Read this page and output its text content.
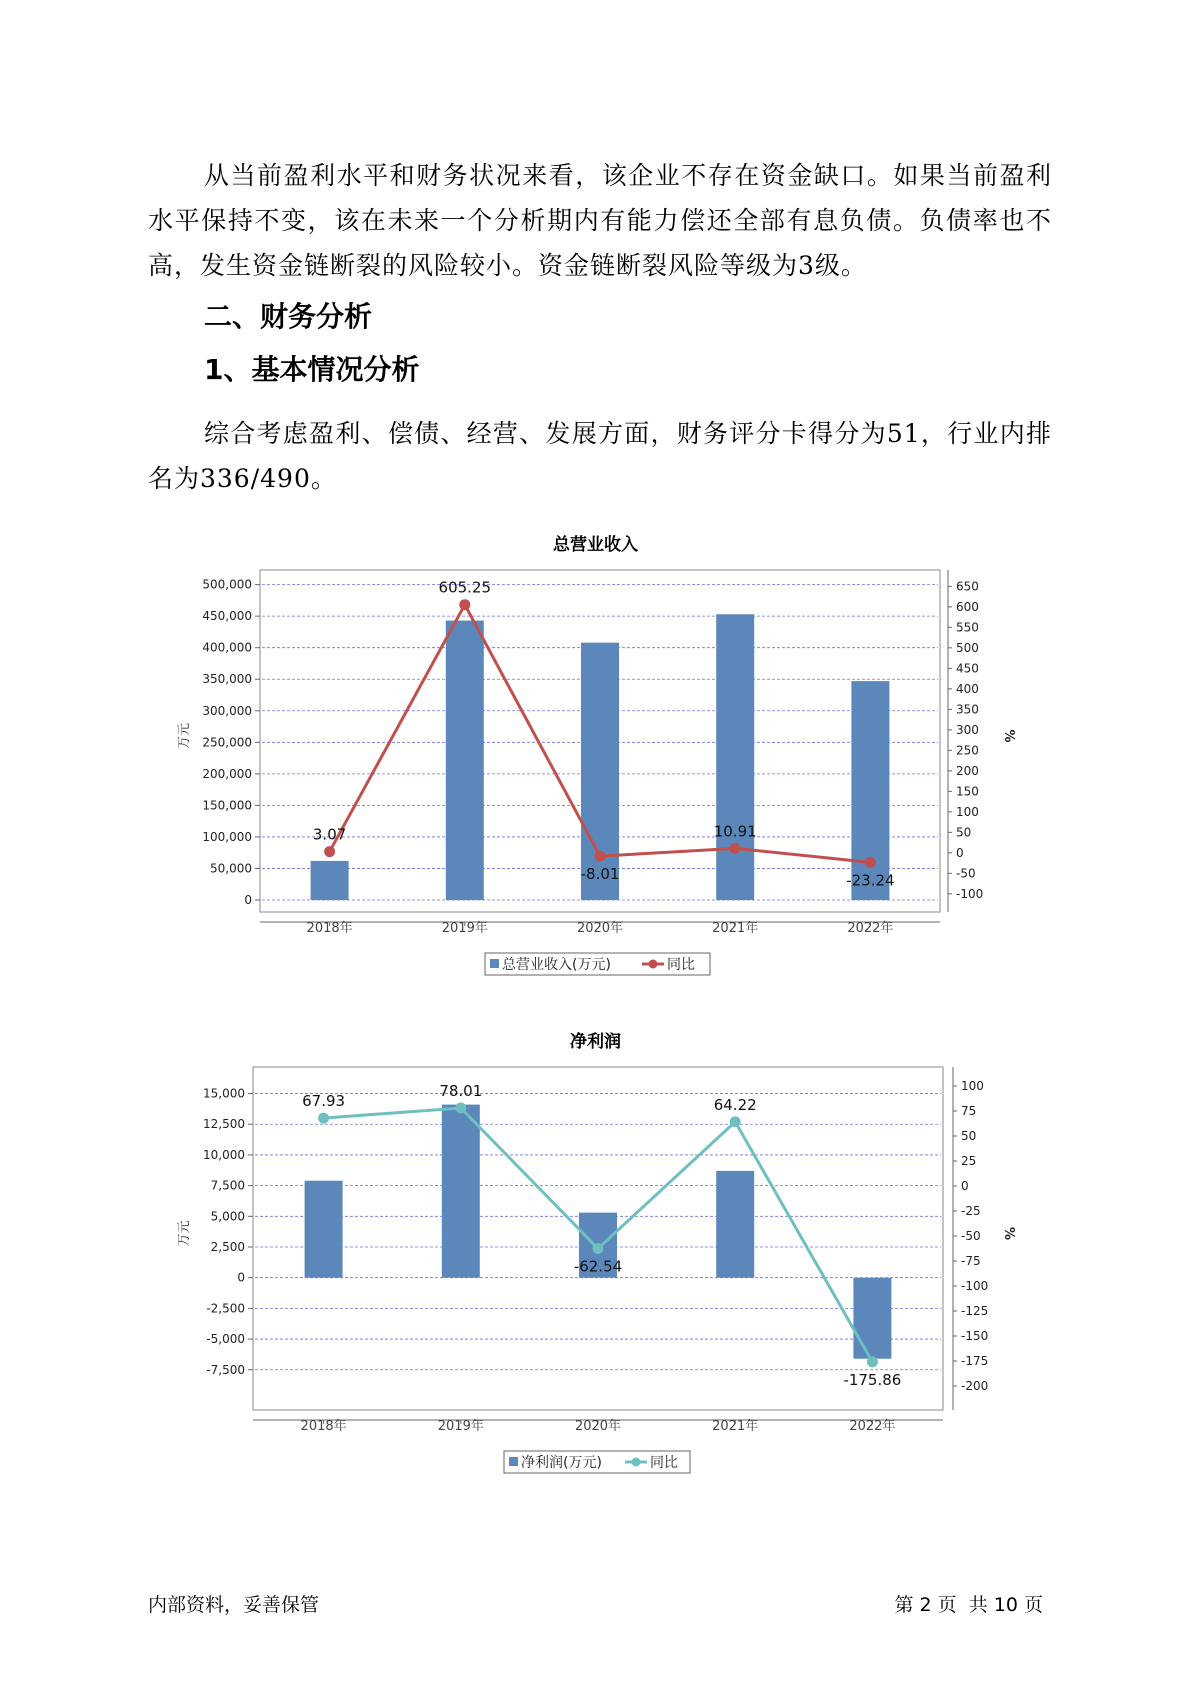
从当前盈利水平和财务状况来看，该企业不存在资金缺口。如果当前盈利水平保持不变，该在未来一个分析期内有能力偿还全部有息负债。负债率也不高，发生资金链断裂的风险较小。资金链断裂风险等级为3级。

二、财务分析
1、基本情况分析

综合考虑盈利、偿债、经营、发展方面，财务评分卡得分为51，行业内排名为336/490。

总营业收入
0
50,000
100,000
150,000
200,000
250,000
300,000
350,000
400,000
450,000
500,000
-100
-50
0
50
100
150
200
250
300
350
400
450
500
550
600
650
万元	%
2018年	2019年	2020年	2021年	2022年
3.07
605.25
-8.01
10.91
-23.24
总营业收入(万元)	同比
净利润
-7,500
-5,000
-2,500
0
2,500
5,000
7,500
10,000
12,500
15,000
-200
-175
-150
-125
-100
-75
-50
-25
0
25
50
75
100
万元	%
2018年	2019年	2020年	2021年	2022年
67.93
78.01
-62.54
64.22
-175.86
净利润(万元)	同比
内部资料，妥善保管	第 2 页  共 10 页
